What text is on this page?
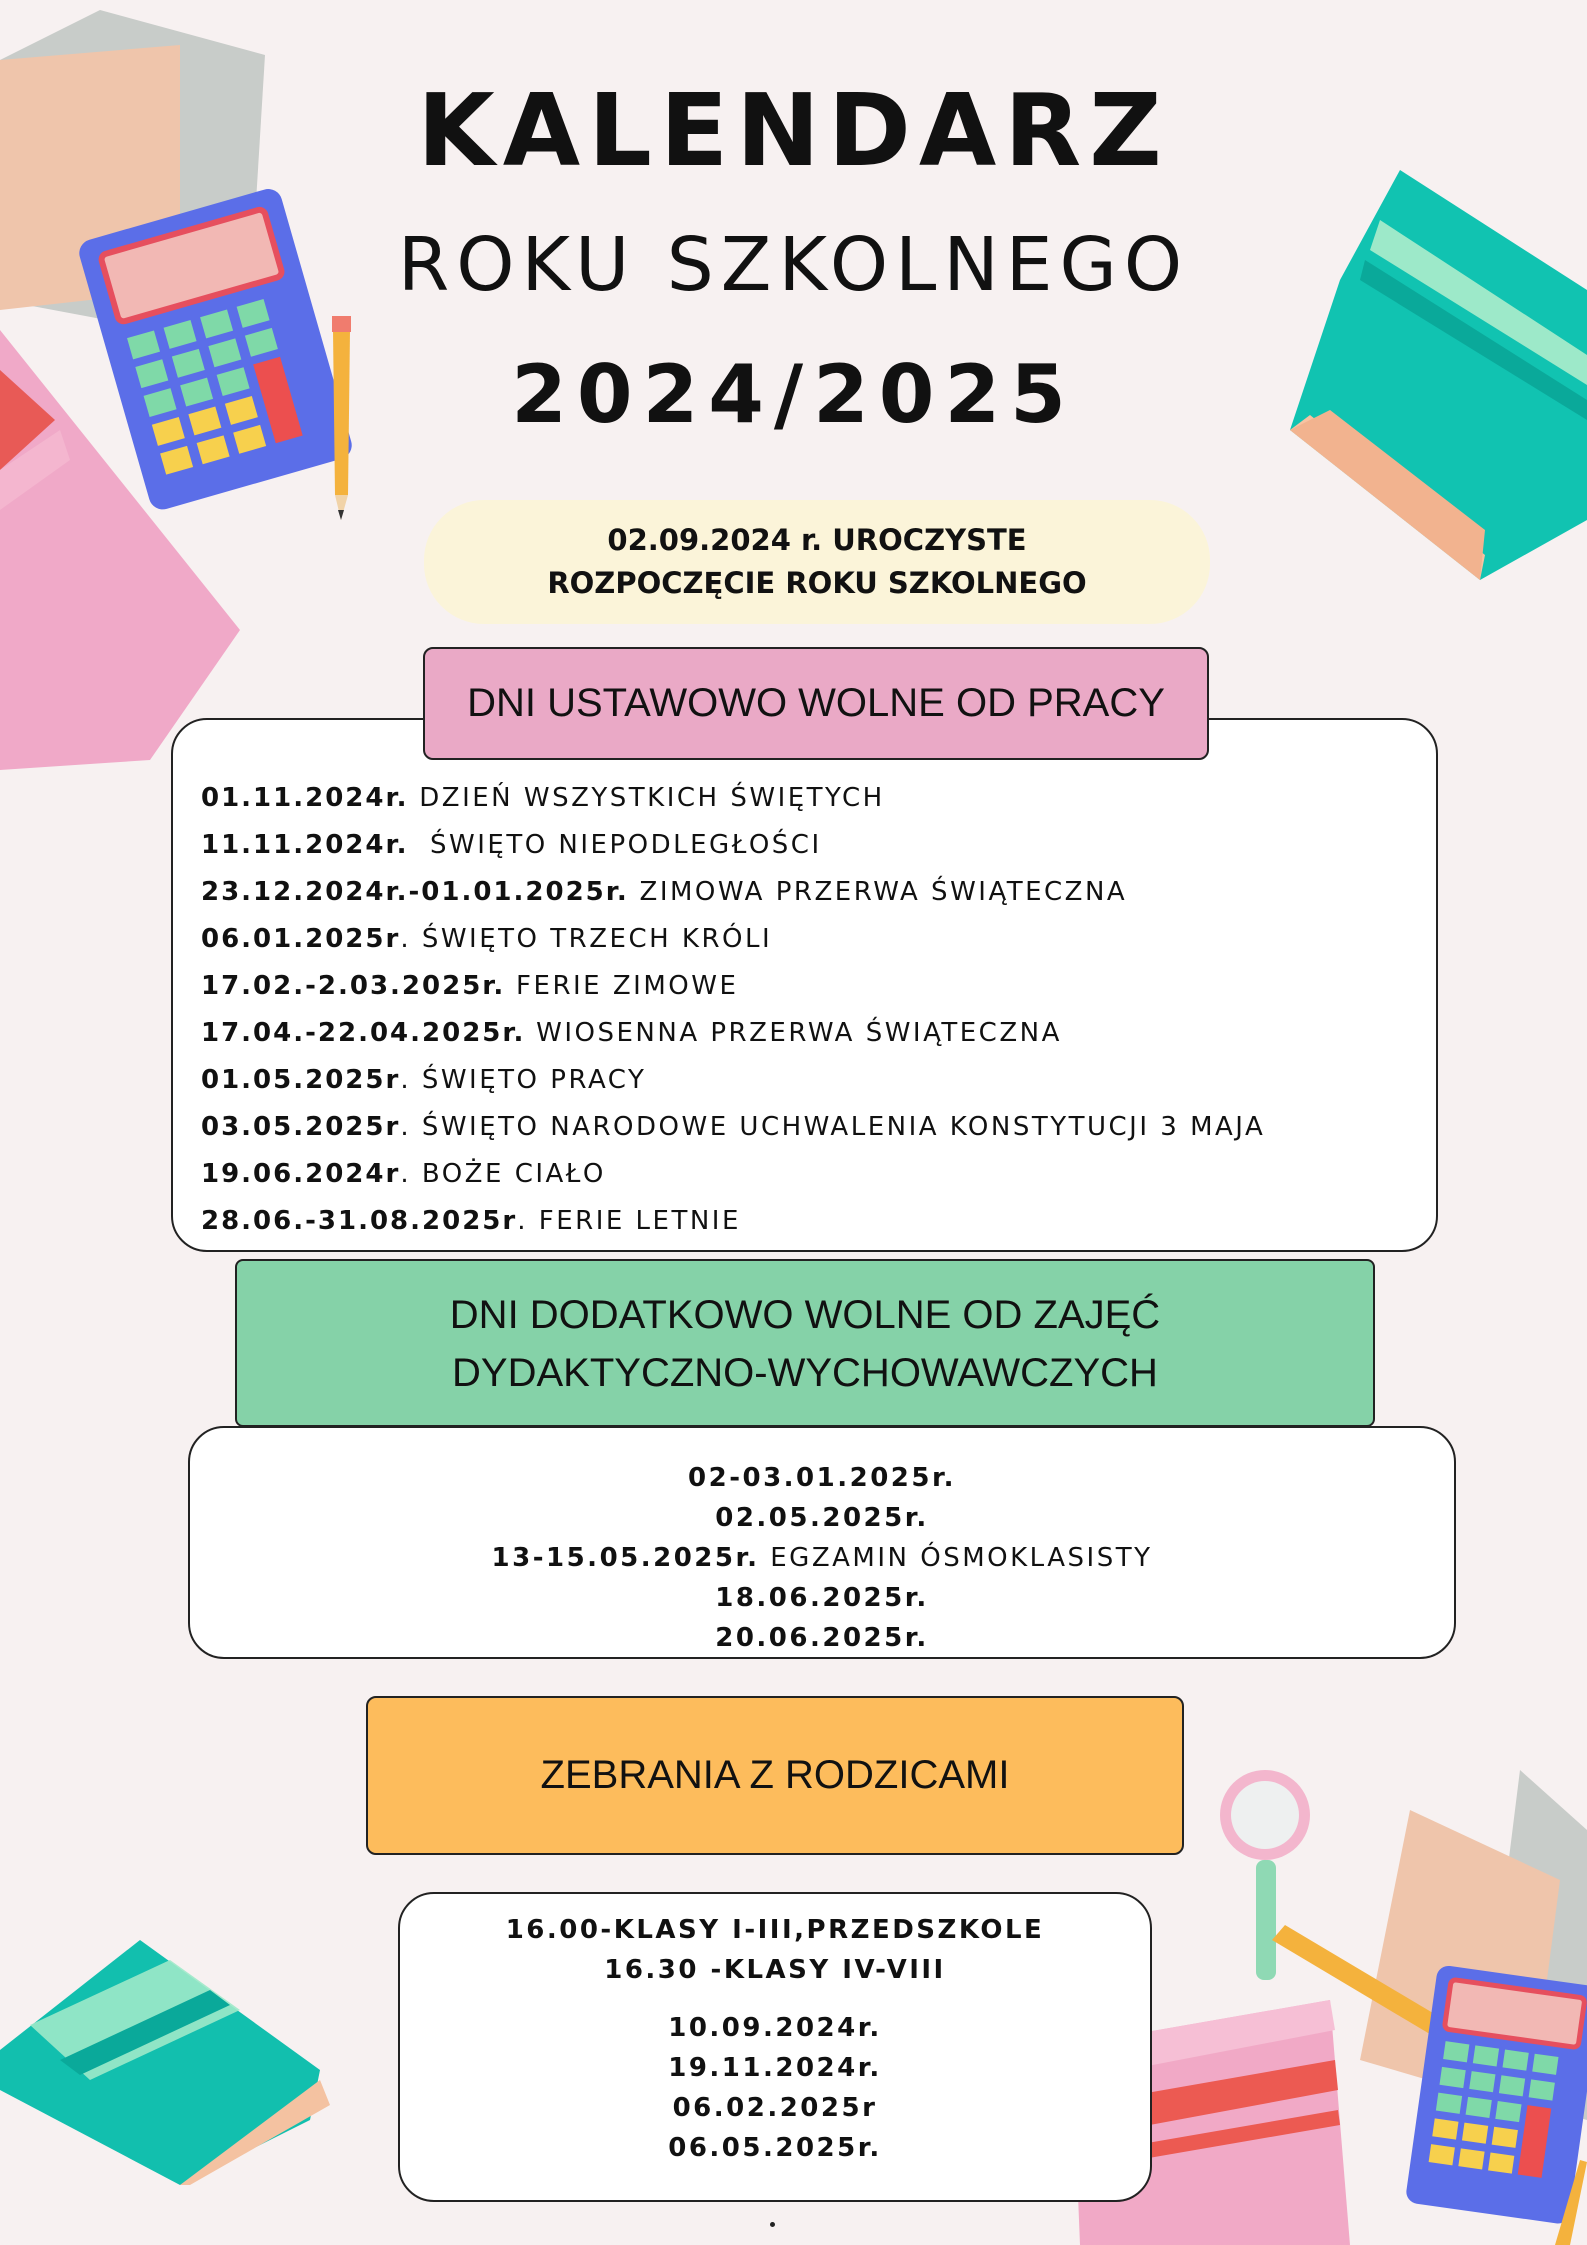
KALENDARZ
ROKU SZKOLNEGO
2024/2025
02.09.2024 r. UROCZYSTE
ROZPOCZĘCIE ROKU SZKOLNEGO
DNI USTAWOWO WOLNE OD PRACY
01.11.2024r. DZIEŃ WSZYSTKICH ŚWIĘTYCH
11.11.2024r.  ŚWIĘTO NIEPODLEGŁOŚCI
23.12.2024r.-01.01.2025r. ZIMOWA PRZERWA ŚWIĄTECZNA
06.01.2025r. ŚWIĘTO TRZECH KRÓLI
17.02.-2.03.2025r. FERIE ZIMOWE
17.04.-22.04.2025r. WIOSENNA PRZERWA ŚWIĄTECZNA
01.05.2025r. ŚWIĘTO PRACY
03.05.2025r. ŚWIĘTO NARODOWE UCHWALENIA KONSTYTUCJI 3 MAJA
19.06.2024r. BOŻE CIAŁO
28.06.-31.08.2025r. FERIE LETNIE
DNI DODATKOWO WOLNE OD ZAJĘĆ
DYDAKTYCZNO-WYCHOWAWCZYCH
02-03.01.2025r.
02.05.2025r.
13-15.05.2025r. EGZAMIN ÓSMOKLASISTY
18.06.2025r.
20.06.2025r.
ZEBRANIA Z RODZICAMI
16.00-KLASY I-III,PRZEDSZKOLE
16.30 -KLASY IV-VIII
10.09.2024r.
19.11.2024r.
06.02.2025r
06.05.2025r.
